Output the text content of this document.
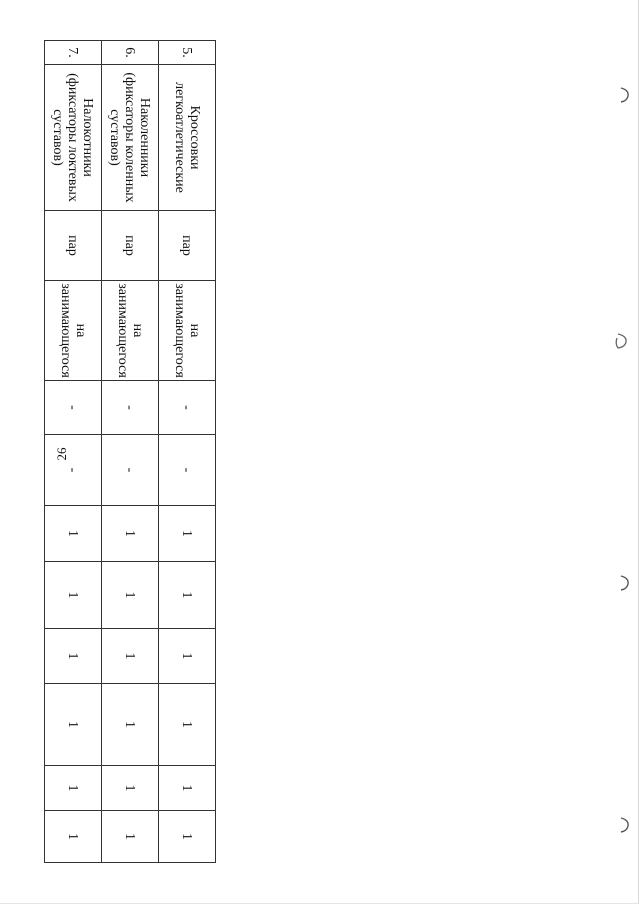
26
5.	Кроссовки легкоатлетические	пар	на занимающегося	-	-	1	1	1	1	1	1
6.	Наколенники (фиксаторы коленных суставов)	пар	на занимающегося	-	-	1	1	1	1	1	1
7.	Налокотники (фиксаторы локтевых суставов)	пар	на занимающегося	-	-	1	1	1	1	1	1
